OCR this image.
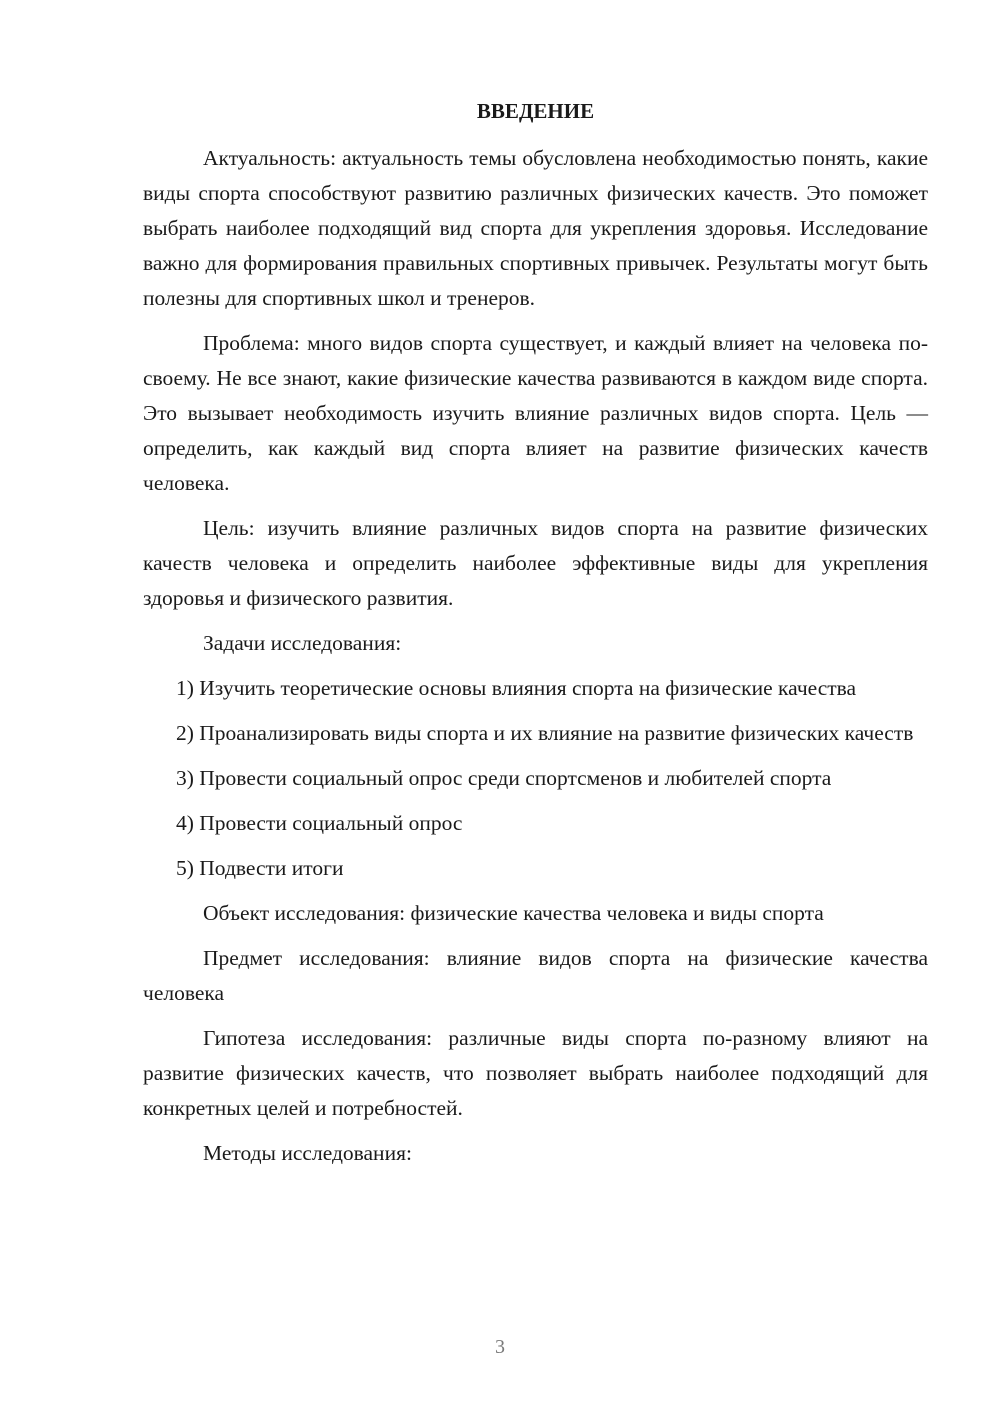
ВВЕДЕНИЕ

Актуальность: актуальность темы обусловлена необходимостью понять, какие виды спорта способствуют развитию различных физических качеств. Это поможет выбрать наиболее подходящий вид спорта для укрепления здоровья. Исследование важно для формирования правильных спортивных привычек. Результаты могут быть полезны для спортивных школ и тренеров.

Проблема: много видов спорта существует, и каждый влияет на человека по-своему. Не все знают, какие физические качества развиваются в каждом виде спорта. Это вызывает необходимость изучить влияние различных видов спорта. Цель — определить, как каждый вид спорта влияет на развитие физических качеств человека.

Цель: изучить влияние различных видов спорта на развитие физических качеств человека и определить наиболее эффективные виды для укрепления здоровья и физического развития.

Задачи исследования:

1) Изучить теоретические основы влияния спорта на физические качества

2) Проанализировать виды спорта и их влияние на развитие физических качеств

3) Провести социальный опрос среди спортсменов и любителей спорта

4) Провести социальный опрос

5) Подвести итоги

Объект исследования: физические качества человека и виды спорта

Предмет исследования: влияние видов спорта на физические качества человека

Гипотеза исследования: различные виды спорта по-разному влияют на развитие физических качеств, что позволяет выбрать наиболее подходящий для конкретных целей и потребностей.

Методы исследования:

3
